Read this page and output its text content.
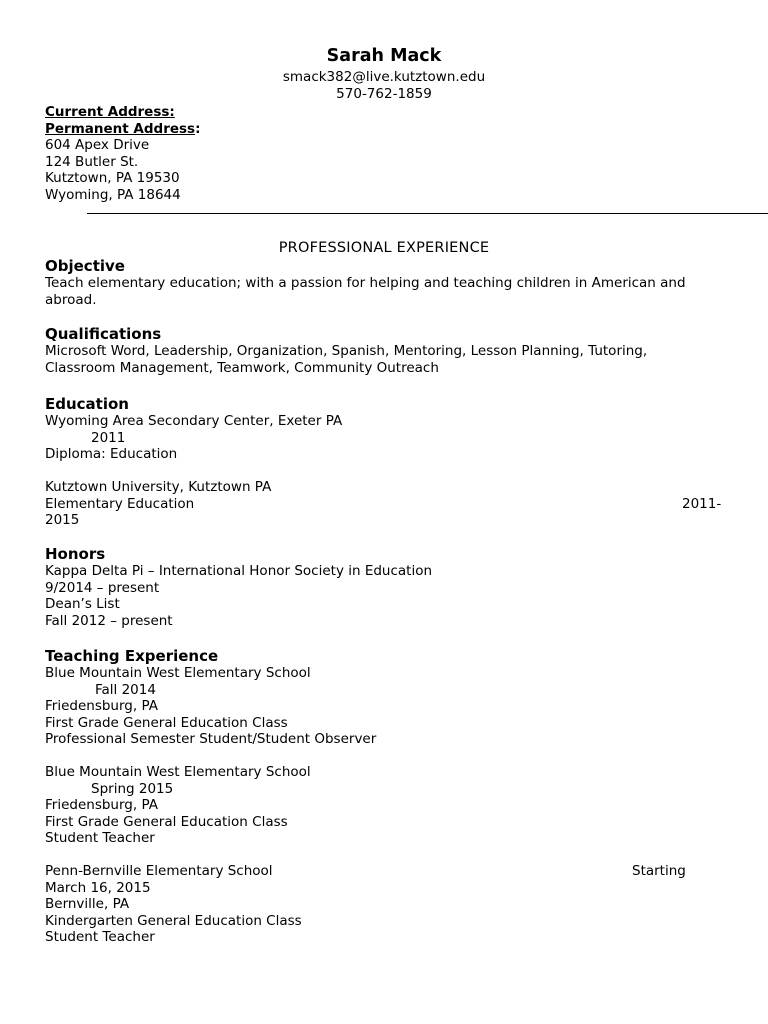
Sarah Mack
smack382@live.kutztown.edu
570-762-1859
Current Address:
Permanent Address:
604 Apex Drive
124 Butler St.
Kutztown, PA 19530
Wyoming, PA 18644
PROFESSIONAL EXPERIENCE
Objective
Teach elementary education; with a passion for helping and teaching children in American and abroad.
Qualifications
Microsoft Word, Leadership, Organization, Spanish, Mentoring, Lesson Planning, Tutoring, Classroom Management, Teamwork, Community Outreach
Education
Wyoming Area Secondary Center, Exeter PA
2011
Diploma: Education
Kutztown University, Kutztown PA
Elementary Education	2011-
2015
Honors
Kappa Delta Pi – International Honor Society in Education
9/2014 – present
Dean’s List
Fall 2012 – present
Teaching Experience
Blue Mountain West Elementary School
Fall 2014
Friedensburg, PA
First Grade General Education Class
Professional Semester Student/Student Observer
Blue Mountain West Elementary School
Spring 2015
Friedensburg, PA
First Grade General Education Class
Student Teacher
Penn-Bernville Elementary School	Starting
March 16, 2015
Bernville, PA
Kindergarten General Education Class
Student Teacher
